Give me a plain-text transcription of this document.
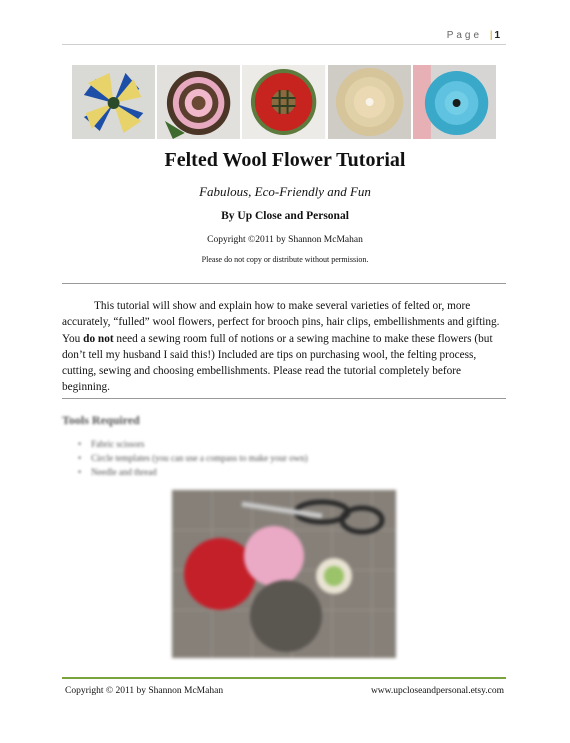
Page | 1
Felted Wool Flower Tutorial
Fabulous, Eco-Friendly and Fun
By Up Close and Personal
Copyright ©2011 by Shannon McMahan
Please do not copy or distribute without permission.

This tutorial will show and explain how to make several varieties of felted or, more accurately, “fulled” wool flowers, perfect for brooch pins, hair clips, embellishments and gifting. You do not need a sewing room full of notions or a sewing machine to make these flowers (but don’t tell my husband I said this!) Included are tips on purchasing wool, the felting process, cutting, sewing and choosing embellishments. Please read the tutorial completely before beginning.

Tools Required
• Fabric scissors
• Circle templates (you can use a compass to make your own)
• Needle and thread
Copyright © 2011 by Shannon McMahan	www.upcloseandpersonal.etsy.com
